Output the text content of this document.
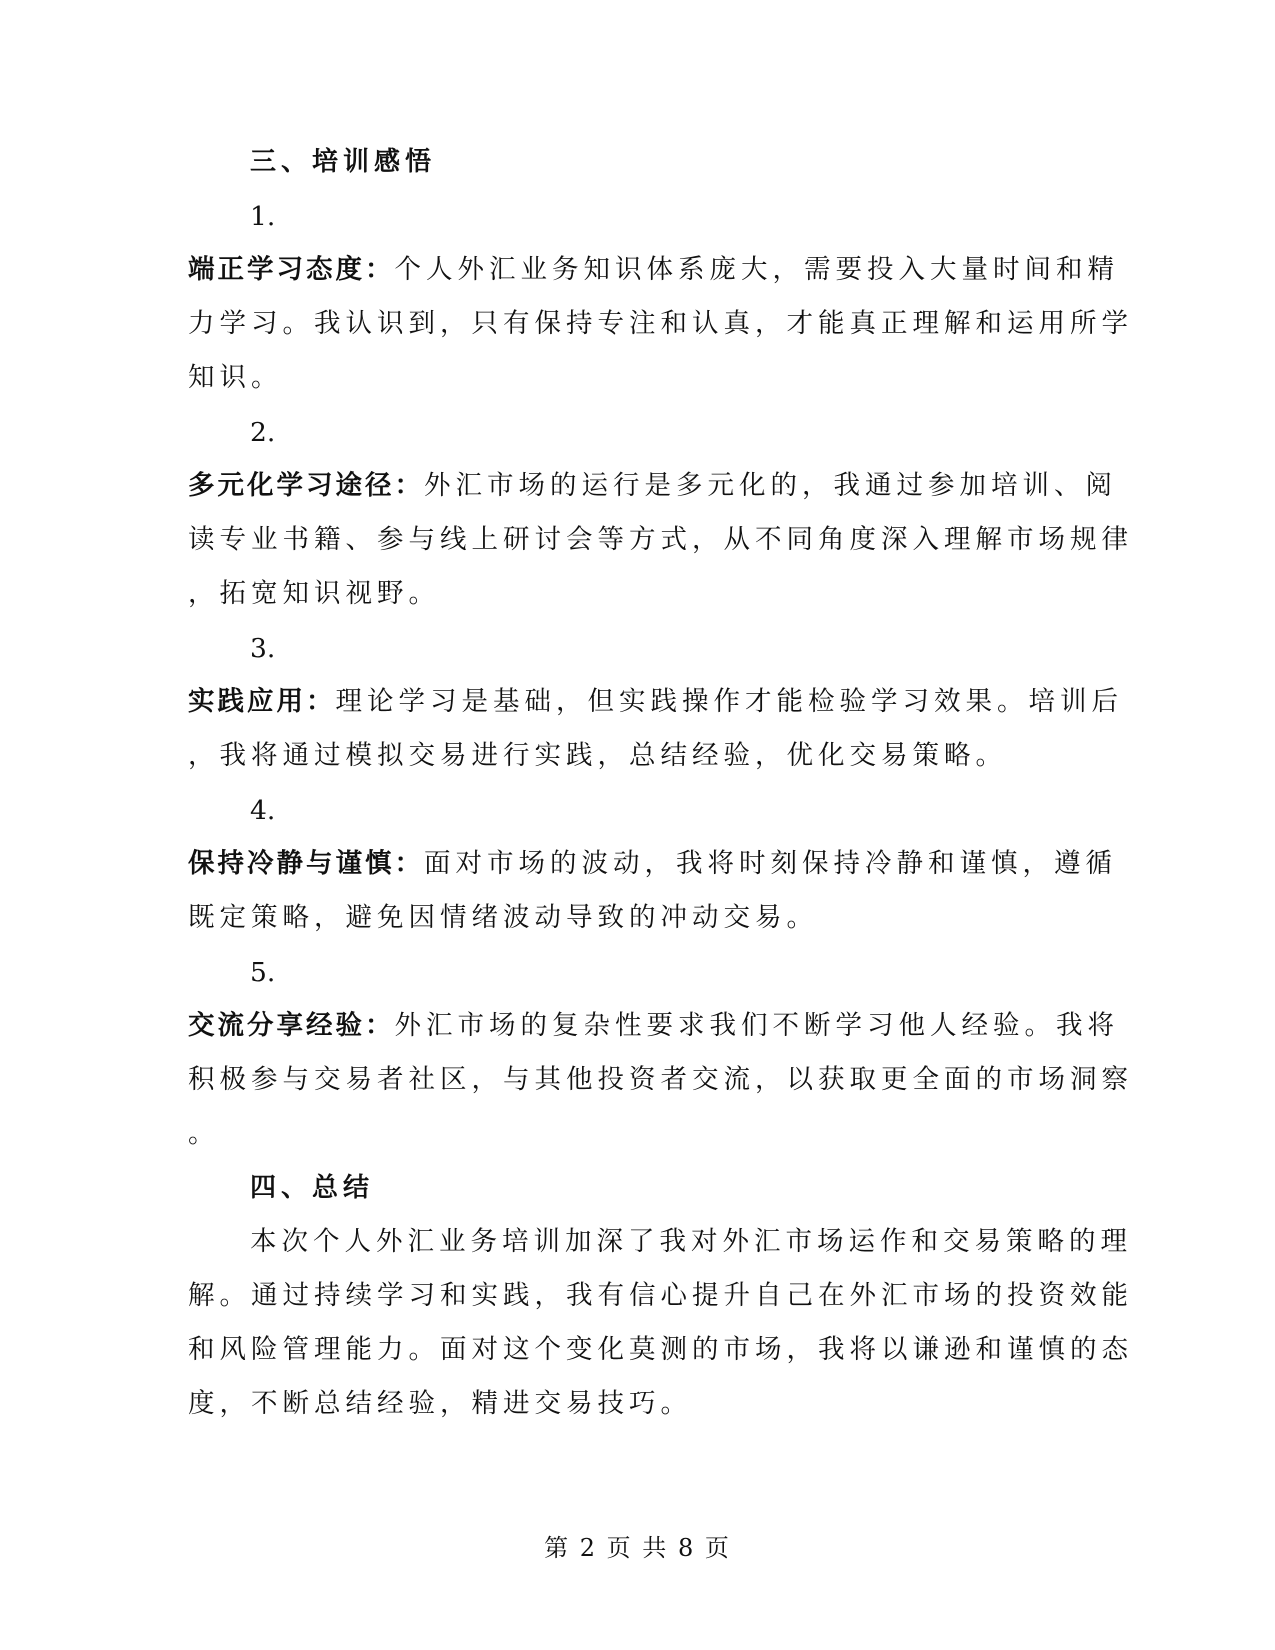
三、培训感悟
1.
端正学习态度：个人外汇业务知识体系庞大，需要投入大量时间和精
力学习。我认识到，只有保持专注和认真，才能真正理解和运用所学
知识。
2.
多元化学习途径：外汇市场的运行是多元化的，我通过参加培训、阅
读专业书籍、参与线上研讨会等方式，从不同角度深入理解市场规律
，拓宽知识视野。
3.
实践应用：理论学习是基础，但实践操作才能检验学习效果。培训后
，我将通过模拟交易进行实践，总结经验，优化交易策略。
4.
保持冷静与谨慎：面对市场的波动，我将时刻保持冷静和谨慎，遵循
既定策略，避免因情绪波动导致的冲动交易。
5.
交流分享经验：外汇市场的复杂性要求我们不断学习他人经验。我将
积极参与交易者社区，与其他投资者交流，以获取更全面的市场洞察
。
四、总结
本次个人外汇业务培训加深了我对外汇市场运作和交易策略的理
解。通过持续学习和实践，我有信心提升自己在外汇市场的投资效能
和风险管理能力。面对这个变化莫测的市场，我将以谦逊和谨慎的态
度，不断总结经验，精进交易技巧。
第 2 页 共 8 页
